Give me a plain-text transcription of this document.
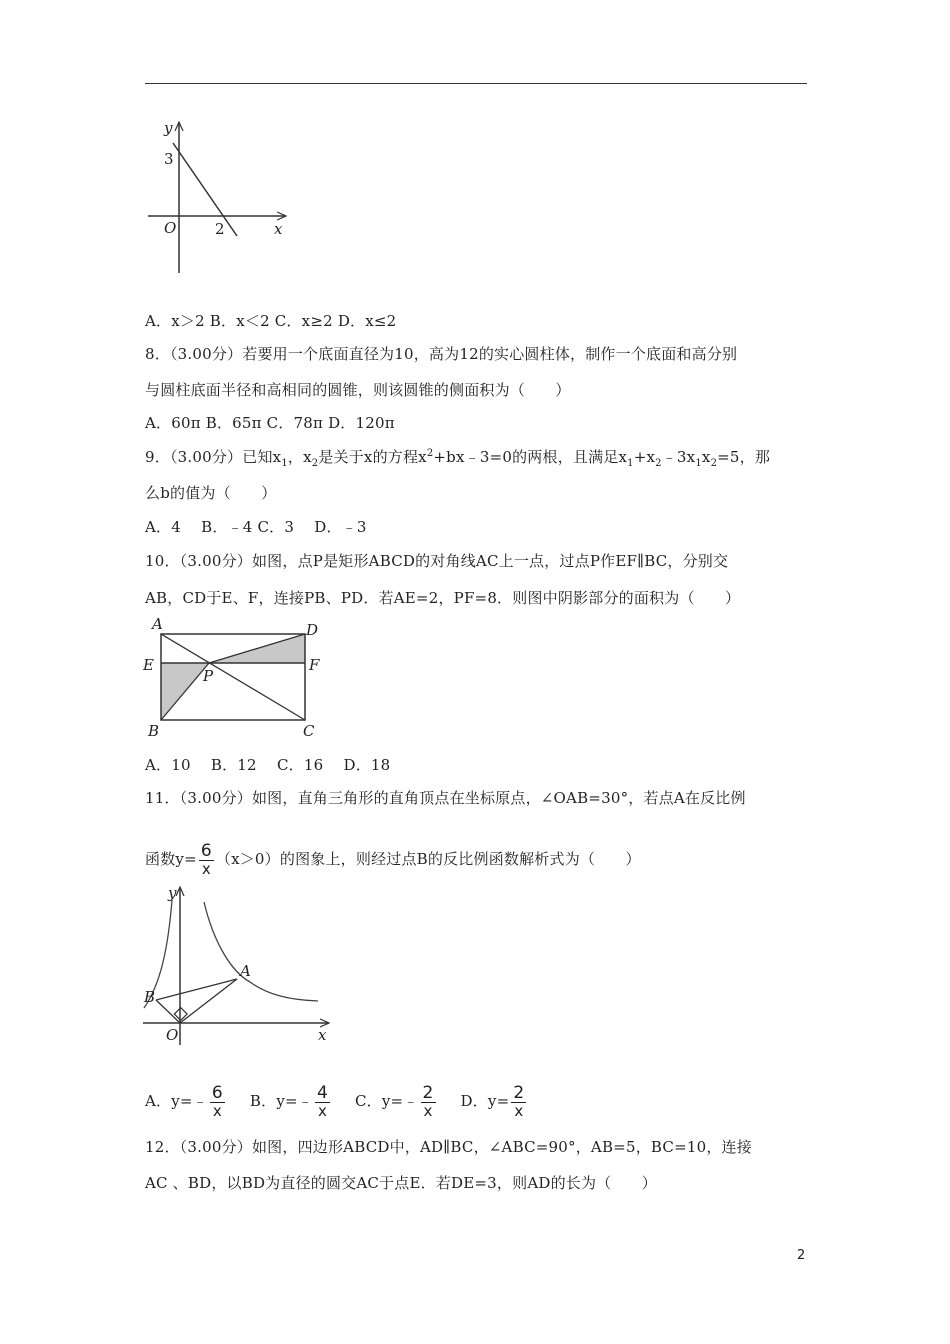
y
x
O
3
2
A．x＞2 B．x＜2 C．x≥2 D．x≤2
8．（3.00分）若要用一个底面直径为10，高为12的实心圆柱体，制作一个底面和高分别
与圆柱底面半径和高相同的圆锥，则该圆锥的侧面积为（　　）
A．60π B．65π C．78π D．120π
9．（3.00分）已知$x_1$，$x_2$是关于x的方程$x^2+bx﹣3=0$的两根，且满足$x_1+x_2﹣3x_1x_2=5$，那
么b的值为（　　）
A．4　 B．﹣4 C．3　 D．﹣3
10．（3.00分）如图，点P是矩形ABCD的对角线AC上一点，过点P作EF∥BC，分别交
AB，CD于E、F，连接PB、PD．若AE=2，PF=8．则图中阴影部分的面积为（　　）
A	D
E	F
P
B	C
A．10　 B．12　 C．16　 D．18
11．（3.00分）如图，直角三角形的直角顶点在坐标原点，∠OAB=30°，若点A在反比例
函数$y= \frac{6}{x} (x>0)$的图象上，则经过点B的反比例函数解析式为（　　）
y
x
O
A
B
A．y=﹣ $\frac{6}{x}$ B．y=﹣ $\frac{4}{x}$ C．y=﹣ $\frac{2}{x}$ D．$y= \frac{2}{x}$
12．（3.00分）如图，四边形ABCD中，AD∥BC，∠ABC=90°，AB=5，BC=10，连接
AC 、BD，以BD为直径的圆交AC于点E．若DE=3，则AD的长为（　　）
2
